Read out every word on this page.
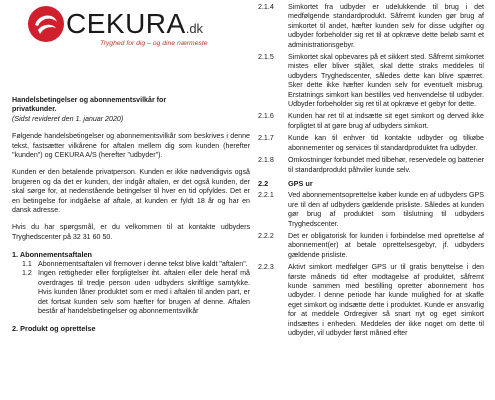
CEKURA.dk
Tryghed for dig – og dine nærmeste

Handelsbetingelser og abonnementsvilkår for

privatkunder.

(Sidst revideret den 1. januar 2020)

Følgende handelsbetingelser og abonnementsvilkår som beskrives i denne tekst, fastsætter vilkårene for aftalen mellem dig som kunden (herefter "kunden") og CEKURA A/S (herefter "udbyder").

Kunden er den betalende privatperson. Kunden er ikke nødvendigvis også brugeren og da det er kunden, der indgår aftalen, er det også kunden, der skal sørge for, at nedenstående betingelser til hver en tid opfyldes. Det er en betingelse for indgåelse af aftale, at kunden er fyldt 18 år og har en dansk adresse.

Hvis du har spørgsmål, er du velkommen til at kontakte udbyders Tryghedscenter på 32 31 60 50.

1. Abonnementsaftalen

1.1 Abonnementsaftalen vil fremover i denne tekst blive kaldt "aftalen".

1.2 Ingen rettigheder eller forpligtelser iht. aftalen eller dele heraf må overdrages til tredje person uden udbyders skriftlige samtykke. Hvis kunden låner produktet som er med i aftalen til anden part, er det fortsat kunden selv som hæfter for brugen af denne. Aftalen består af handelsbetingelser og abonnementsvilkår

2. Produkt og oprettelse

2.1.4	Simkortet fra udbyder er udelukkende til brug i det medfølgende standardprodukt. Såfremt kunden gør brug af simkortet til andet, hæfter kunden selv for disse udgifter og udbyder forbeholder sig ret til at opkræve dette beløb samt et administrationsgebyr.

2.1.5	Simkortet skal opbevares på et sikkert sted. Såfremt simkortet mistes eller bliver stjålet, skal dette straks meddeles til udbyders Tryghedscenter, således dette kan blive spærret. Sker dette ikke hæfter kunden selv for eventuelt misbrug. Erstatnings simkort kan bestilles ved henvendelse til udbyder. Udbyder forbeholder sig ret til at opkræve et gebyr for dette.

2.1.6	Kunden har ret til at indsætte sit eget simkort og derved ikke forpligtet til at gøre brug af udbyders simkort.

2.1.7	Kunde kan til enhver tid kontakte udbyder og tilkøbe abonnementer og services til standardproduktet fra udbyder.

2.1.8	Omkostninger forbundet med tilbehør, reservedele og batterier til standardprodukt påhviler kunde selv.

2.2	GPS ur

2.2.1	Ved abonnementsoprettelse køber kunde en af udbyders GPS ure til den af udbyders gældende prisliste. Således at kunden gør brug af produktet som tilslutning til udbyders Tryghedscenter.

2.2.2	Det er obligatorisk for kunden i forbindelse med oprettelse af abonnement(er) at betale oprettelsesgebyr, jf. udbyders gældende prisliste.

2.2.3	Aktivt simkort medfølger GPS ur til gratis benyttelse i den første måneds tid efter modtagelse af produktet, såfremt kunde sammen med bestilling opretter abonnement hos udbyder. I denne periode har kunde mulighed for at skaffe eget simkort og indsætte dette i produktet. Kunde er ansvarlig for at meddele Ordregiver så snart nyt og eget simkort indsættes i enheden. Meddeles der ikke noget om dette til udbyder, vil udbyder først måned efter
